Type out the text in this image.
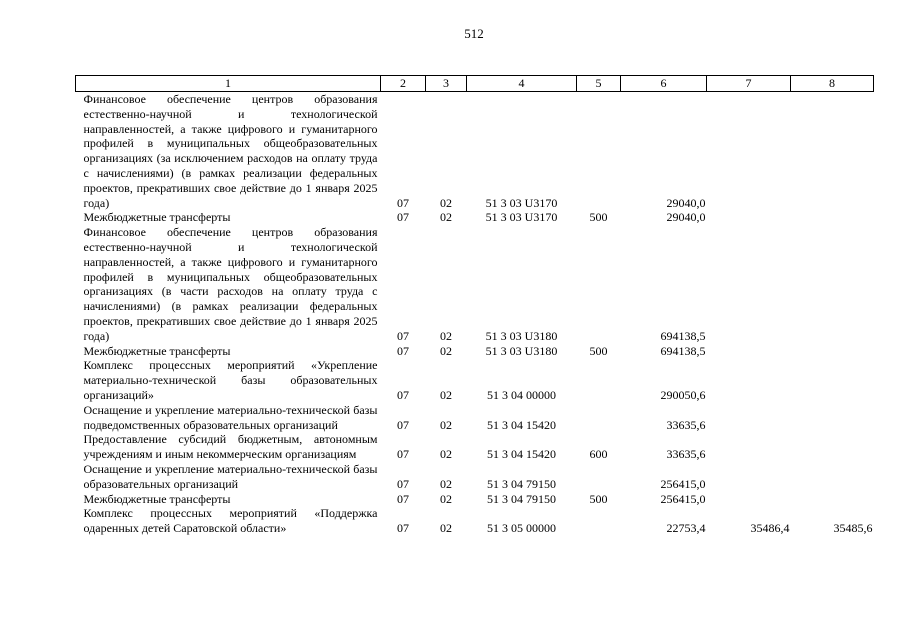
512
1	2	3	4	5	6	7	8
Финансовое обеспечение центров образования естественно-научной и технологической направленностей, а также цифрового и гуманитарного профилей в муниципальных общеобразовательных организациях (за исключением расходов на оплату труда с начислениями) (в рамках реализации федеральных проектов, прекративших свое действие до 1 января 2025 года)	07	02	51 3 03 U3170		29040,0		
Межбюджетные трансферты	07	02	51 3 03 U3170	500	29040,0		
Финансовое обеспечение центров образования естественно-научной и технологической направленностей, а также цифрового и гуманитарного профилей в муниципальных общеобразовательных организациях (в части расходов на оплату труда с начислениями) (в рамках реализации федеральных проектов, прекративших свое действие до 1 января 2025 года)	07	02	51 3 03 U3180		694138,5		
Межбюджетные трансферты	07	02	51 3 03 U3180	500	694138,5		
Комплекс процессных мероприятий «Укрепление материально-технической базы образовательных организаций»	07	02	51 3 04 00000		290050,6		
Оснащение и укрепление материально-технической базы подведомственных образовательных организаций	07	02	51 3 04 15420		33635,6		
Предоставление субсидий бюджетным, автономным учреждениям и иным некоммерческим организациям	07	02	51 3 04 15420	600	33635,6		
Оснащение и укрепление материально-технической базы образовательных организаций	07	02	51 3 04 79150		256415,0		
Межбюджетные трансферты	07	02	51 3 04 79150	500	256415,0		
Комплекс процессных мероприятий «Поддержка одаренных детей Саратовской области»	07	02	51 3 05 00000		22753,4	35486,4	35485,6
